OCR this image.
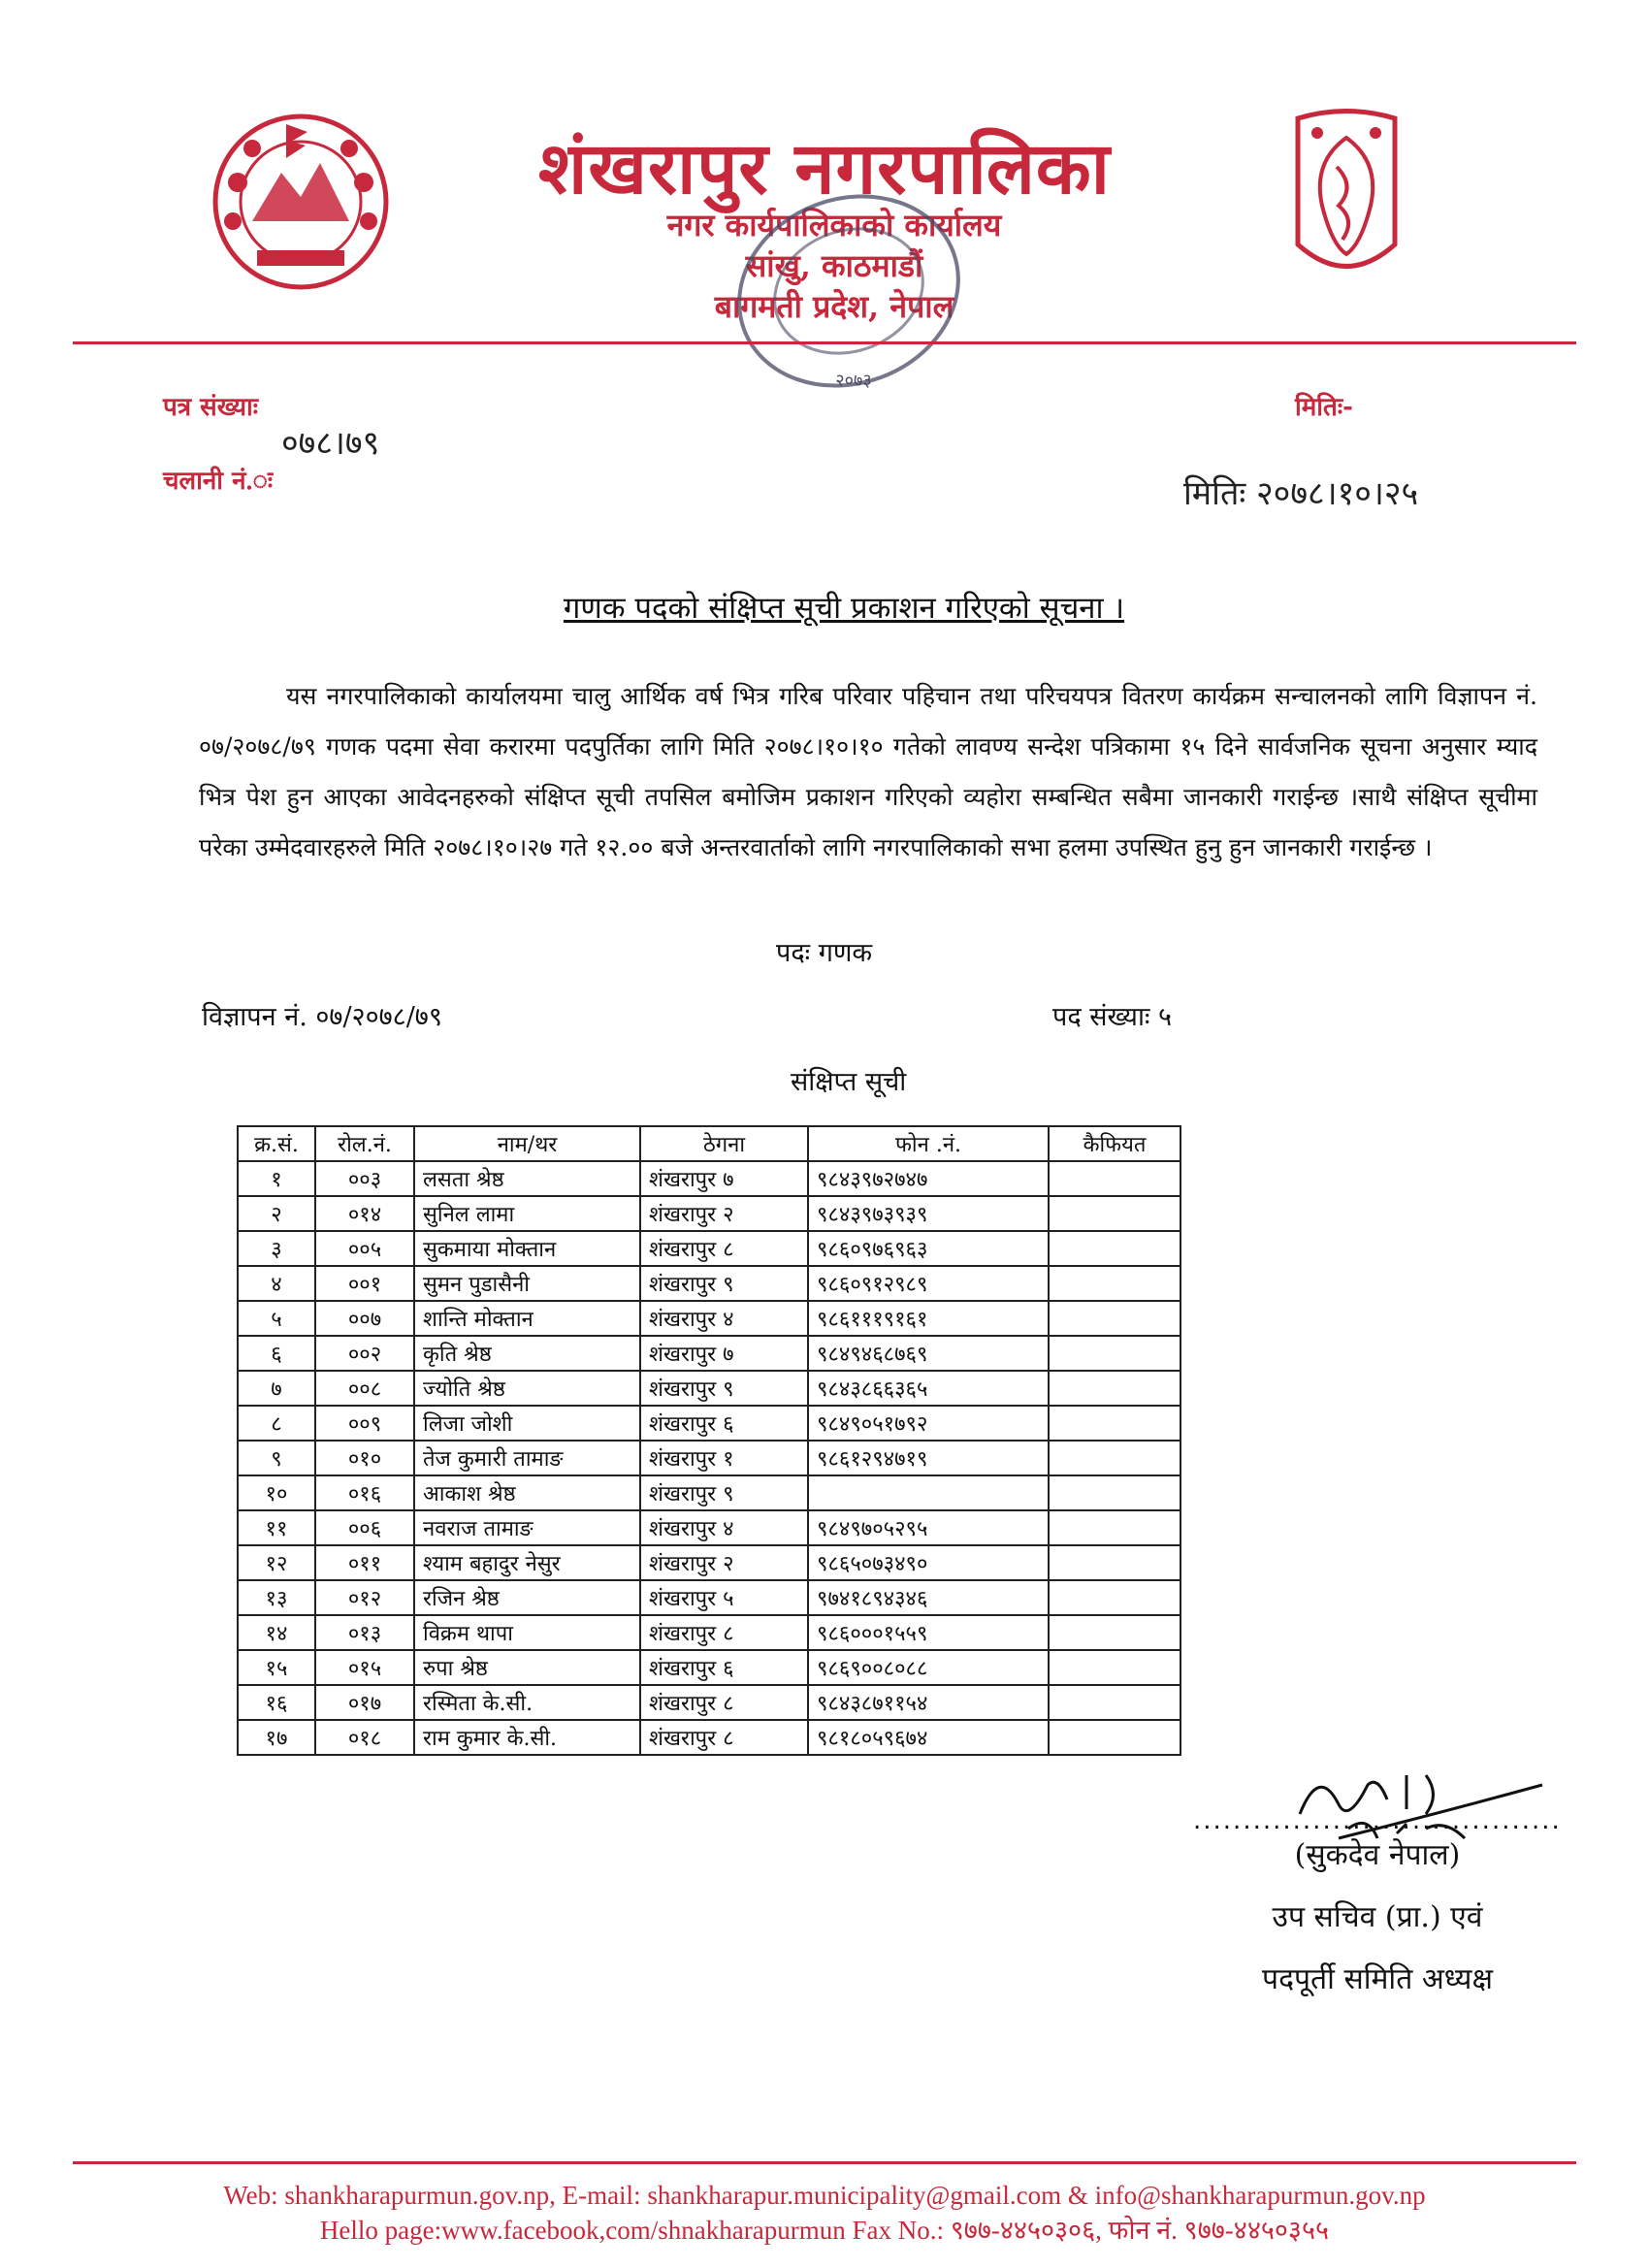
शंखरापुर नगरपालिका
नगर कार्यपालिकाको कार्यालय
सांखु, काठमाडौं
बागमती प्रदेश, नेपाल
२०७३
पत्र संख्याः
०७८।७९
चलानी नं.ः
मितिः-
मितिः २०७८।१०।२५
गणक पदको संक्षिप्त सूची प्रकाशन गरिएको सूचना ।
यस नगरपालिकाको कार्यालयमा चालु आर्थिक वर्ष भित्र गरिब परिवार पहिचान तथा परिचयपत्र वितरण कार्यक्रम सन्चालनको लागि विज्ञापन नं. ०७/२०७८/७९ गणक पदमा सेवा करारमा पदपुर्तिका लागि मिति २०७८।१०।१० गतेको लावण्य सन्देश पत्रिकामा १५ दिने सार्वजनिक सूचना अनुसार म्याद भित्र पेश हुन आएका आवेदनहरुको संक्षिप्त सूची तपसिल बमोजिम प्रकाशन गरिएको व्यहोरा सम्बन्धित सबैमा जानकारी गराईन्छ ।साथै संक्षिप्त सूचीमा परेका उम्मेदवारहरुले मिति २०७८।१०।२७ गते १२.०० बजे अन्तरवार्ताको लागि नगरपालिकाको सभा हलमा उपस्थित हुनु हुन जानकारी गराईन्छ ।
पदः गणक
विज्ञापन नं. ०७/२०७८/७९	पद संख्याः ५
संक्षिप्त सूची
क्र.सं.	रोल.नं.	नाम/थर	ठेगना	फोन .नं.	कैफियत
१	००३	लसता श्रेष्ठ	शंखरापुर ७	९८४३९७२७४७	
२	०१४	सुनिल लामा	शंखरापुर २	९८४३९७३९३९	
३	००५	सुकमाया मोक्तान	शंखरापुर ८	९८६०९७६९६३	
४	००१	सुमन पुडासैनी	शंखरापुर ९	९८६०९१२९८९	
५	००७	शान्ति मोक्तान	शंखरापुर ४	९८६१११९१६१	
६	००२	कृति श्रेष्ठ	शंखरापुर ७	९८४९४६८७६९	
७	००८	ज्योति श्रेष्ठ	शंखरापुर ९	९८४३८६६३६५	
८	००९	लिजा जोशी	शंखरापुर ६	९८४९०५१७९२	
९	०१०	तेज कुमारी तामाङ	शंखरापुर १	९८६१२९४७१९	
१०	०१६	आकाश श्रेष्ठ	शंखरापुर ९		
११	००६	नवराज तामाङ	शंखरापुर ४	९८४९७०५२९५	
१२	०११	श्याम बहादुर नेसुर	शंखरापुर २	९८६५०७३४९०	
१३	०१२	रजिन श्रेष्ठ	शंखरापुर ५	९७४१८९४३४६	
१४	०१३	विक्रम थापा	शंखरापुर ८	९८६०००१५५९	
१५	०१५	रुपा श्रेष्ठ	शंखरापुर ६	९८६९००८०८८	
१६	०१७	रस्मिता के.सी.	शंखरापुर ८	९८४३८७११५४	
१७	०१८	राम कुमार के.सी.	शंखरापुर ८	९८१८०५९६७४	
.....................................
(सुकदेव नेपाल)
उप सचिव (प्रा.) एवं
पदपूर्ती समिति अध्यक्ष
Web: shankharapurmun.gov.np, E-mail: shankharapur.municipality@gmail.com & info@shankharapurmun.gov.np
Hello page:www.facebook,com/shnakharapurmun Fax No.: ९७७-४४५०३०६, फोन नं. ९७७-४४५०३५५
